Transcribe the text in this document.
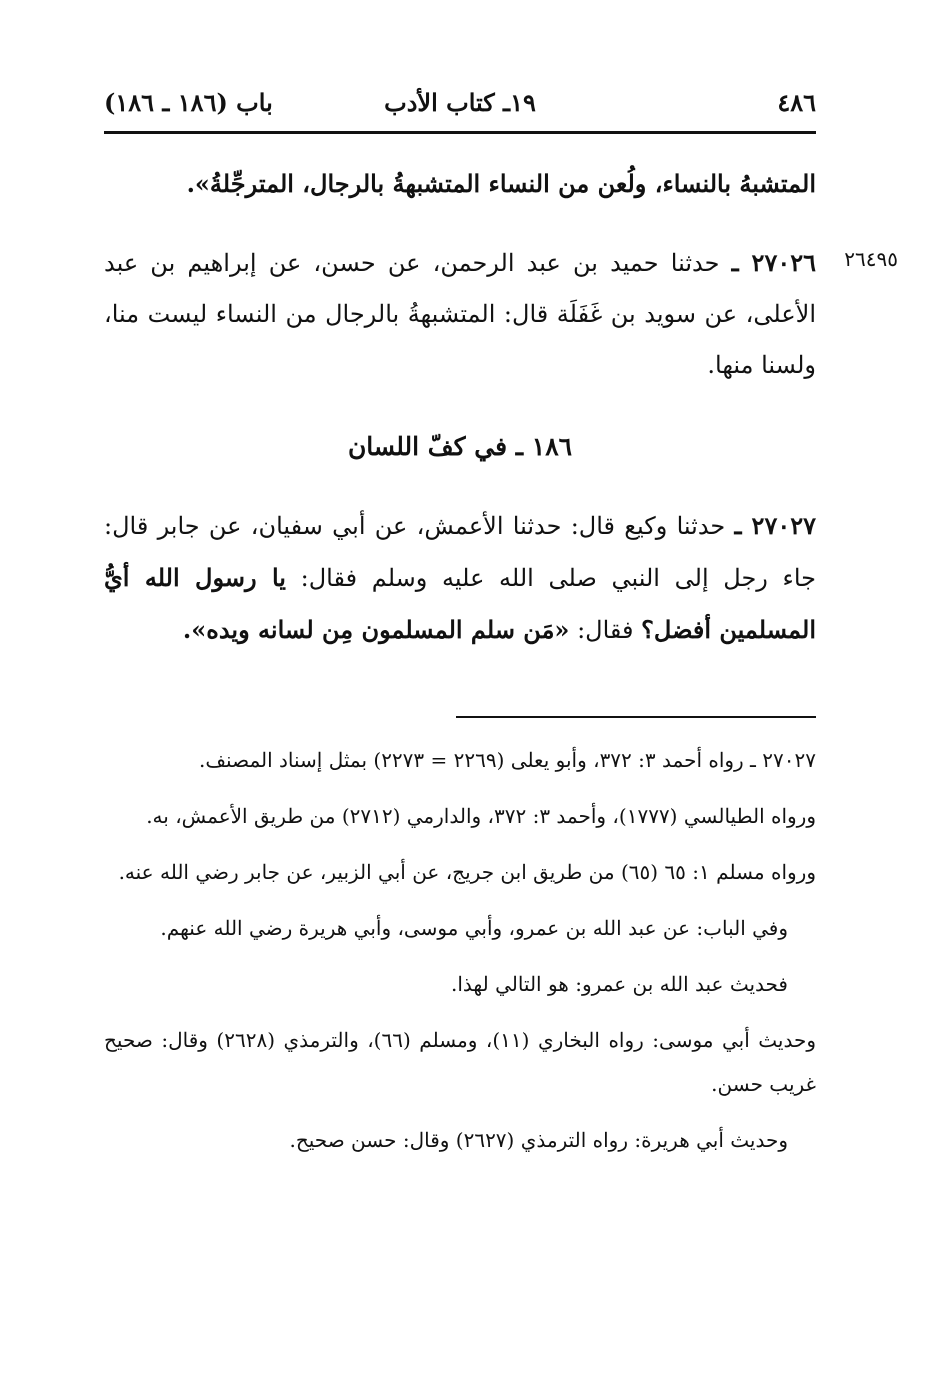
٤٨٦
١٩ـ كتاب الأدب
باب (١٨٦ ـ ١٨٦)
٢٦٤٩٥

المتشبهُ بالنساء، ولُعن من النساء المتشبهةُ بالرجال، المترجِّلةُ».

٢٧٠٢٦ ـ حدثنا حميد بن عبد الرحمن، عن حسن، عن إبراهيم بن عبد الأعلى، عن سويد بن غَفَلَة قال: المتشبهةُ بالرجال من النساء ليست منا، ولسنا منها.

١٨٦ ـ في كفّ اللسان

٢٧٠٢٧ ـ حدثنا وكيع قال: حدثنا الأعمش، عن أبي سفيان، عن جابر قال: جاء رجل إلى النبي صلى الله عليه وسلم فقال: يا رسول الله أيُّ المسلمين أفضل؟ فقال: «مَن سلم المسلمون مِن لسانه ويده».

٢٧٠٢٧ ـ رواه أحمد ٣: ٣٧٢، وأبو يعلى (٢٢٦٩ = ٢٢٧٣) بمثل إسناد المصنف.

ورواه الطيالسي (١٧٧٧)، وأحمد ٣: ٣٧٢، والدارمي (٢٧١٢) من طريق الأعمش، به.

ورواه مسلم ١: ٦٥ (٦٥) من طريق ابن جريج، عن أبي الزبير، عن جابر رضي الله عنه.

وفي الباب: عن عبد الله بن عمرو، وأبي موسى، وأبي هريرة رضي الله عنهم.

فحديث عبد الله بن عمرو: هو التالي لهذا.

وحديث أبي موسى: رواه البخاري (١١)، ومسلم (٦٦)، والترمذي (٢٦٢٨) وقال: صحيح غريب حسن.

وحديث أبي هريرة: رواه الترمذي (٢٦٢٧) وقال: حسن صحيح.
